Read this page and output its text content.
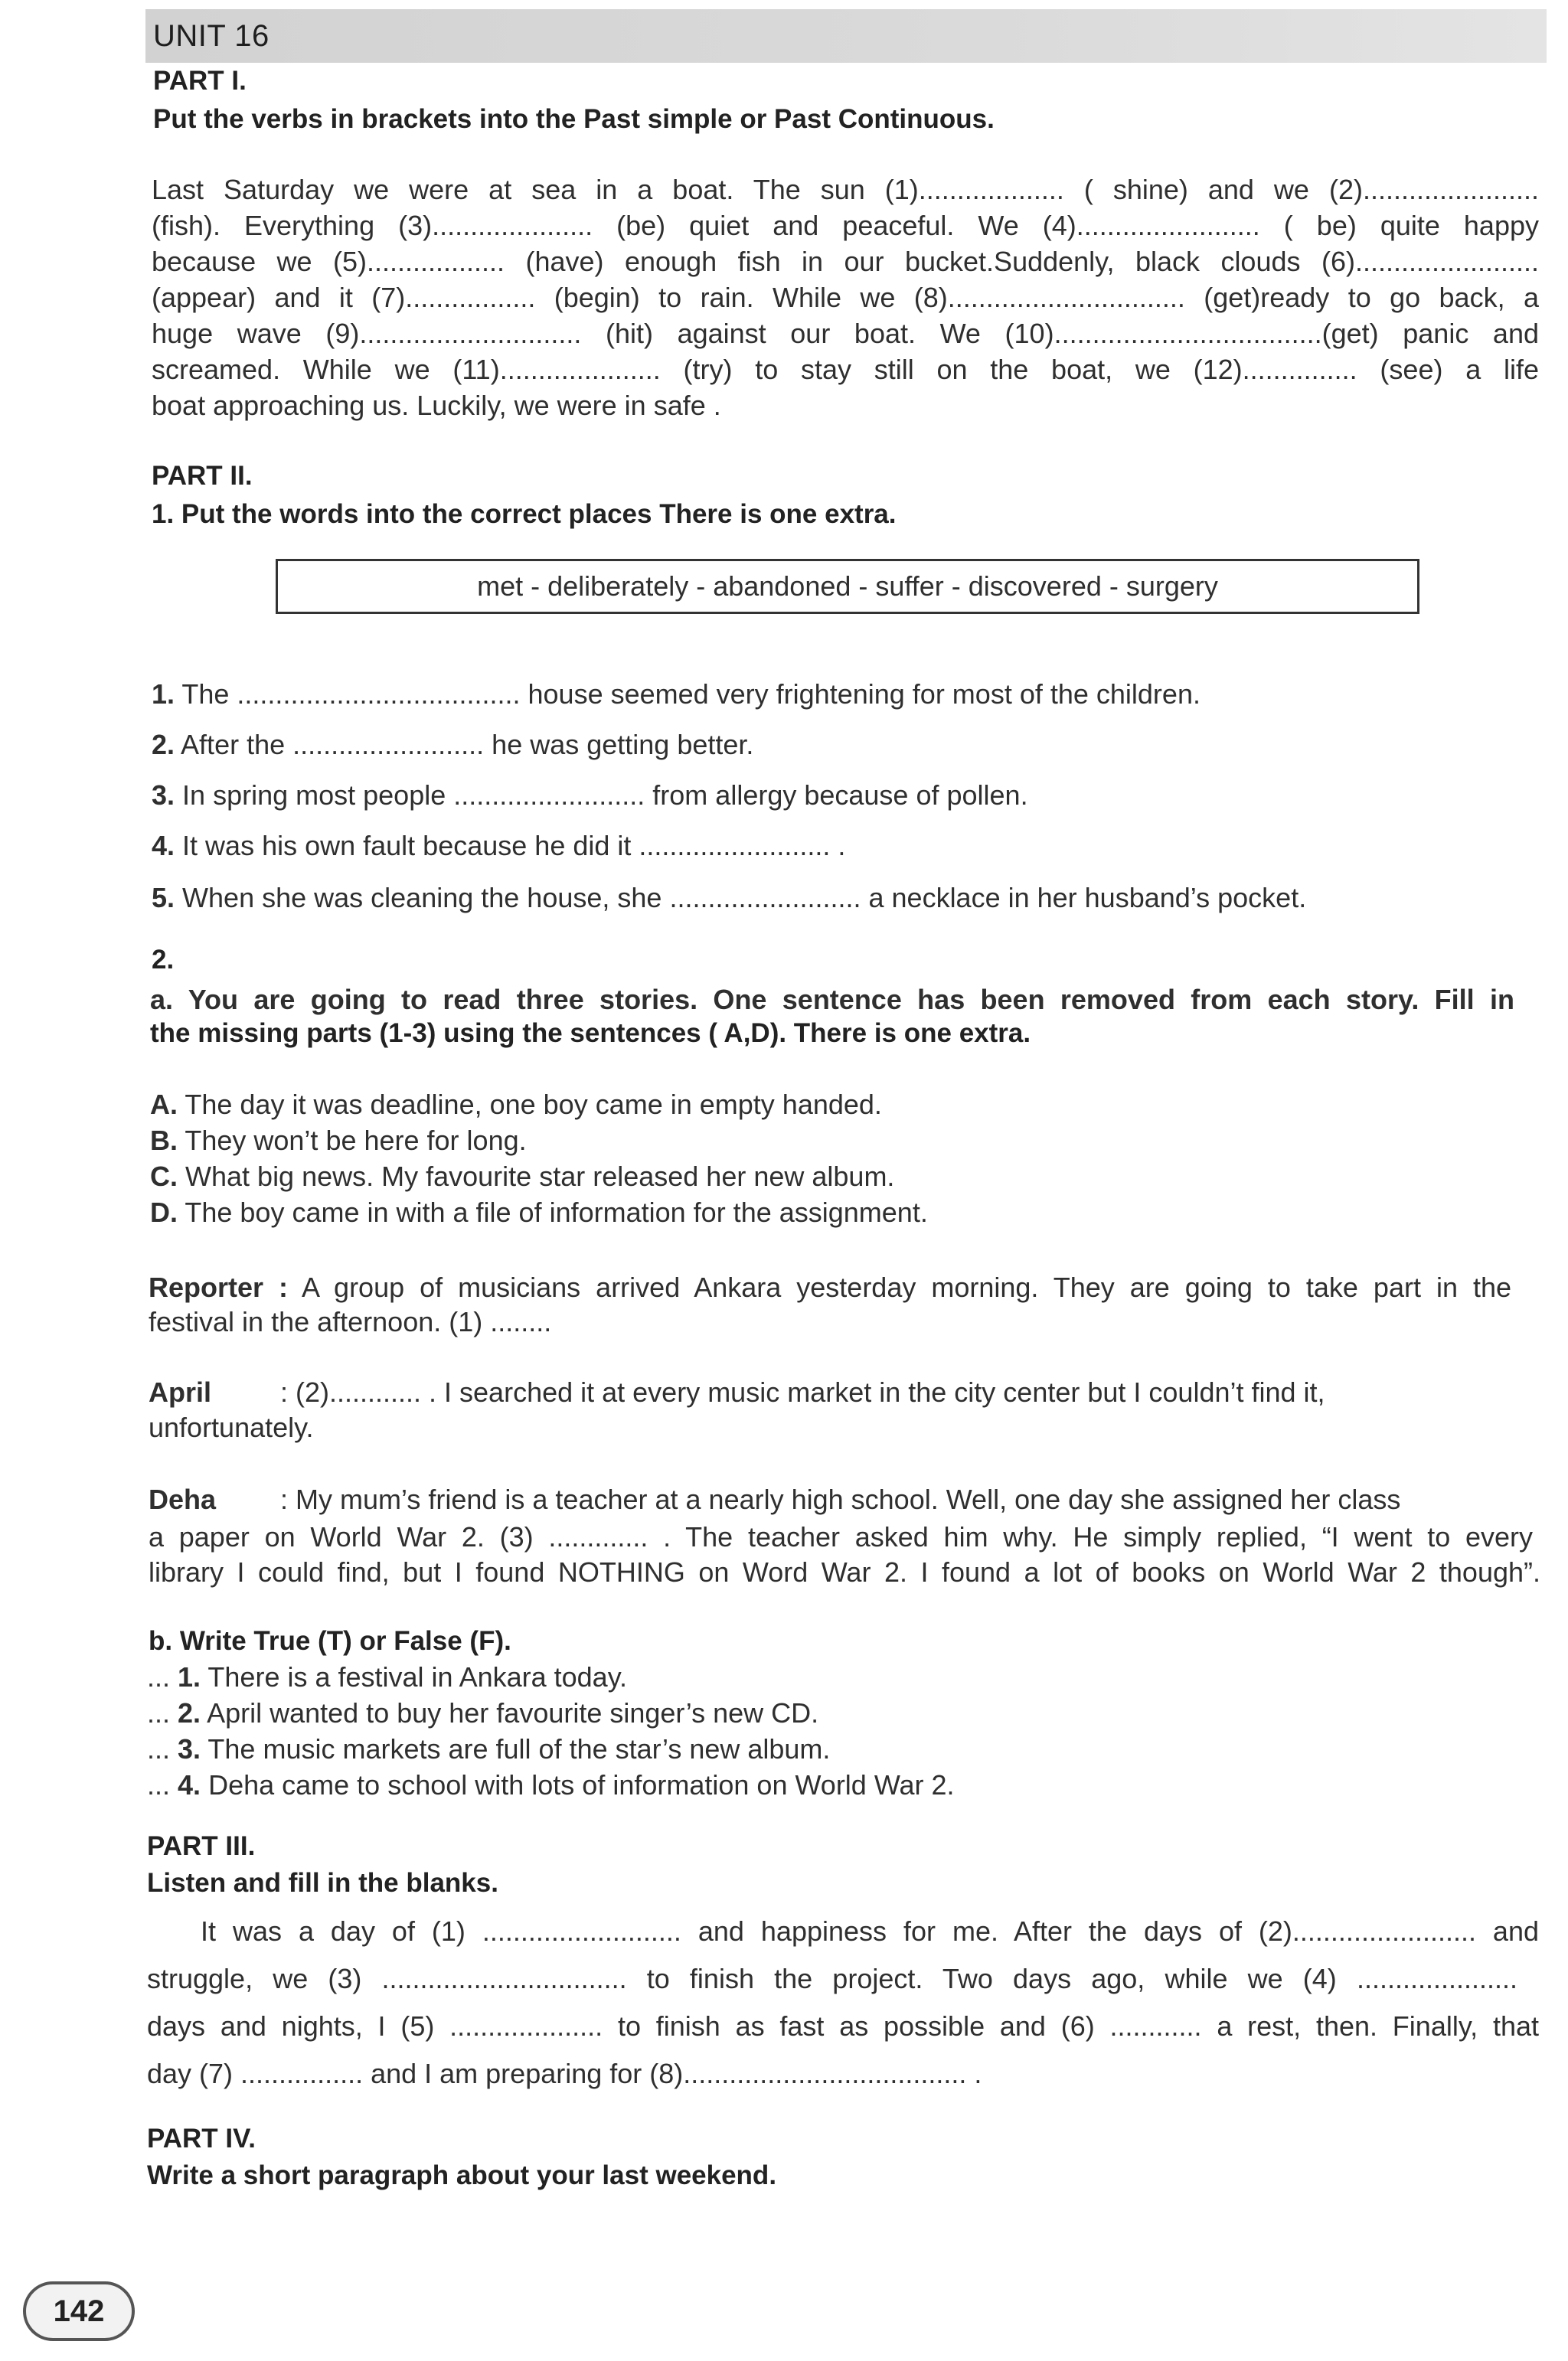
UNIT 16
PART I.
Put the verbs in brackets into the Past simple or Past Continuous.
Last Saturday we were at sea in a boat. The sun (1)................... ( shine) and we (2).......................
(fish). Everything (3)..................... (be) quiet and peaceful. We (4)........................ ( be) quite happy
because we (5).................. (have) enough fish in our bucket.Suddenly, black clouds (6)........................
(appear) and it (7)................. (begin) to rain. While we (8)............................... (get)ready to go back, a
huge wave (9)............................. (hit) against our boat. We (10)...................................(get) panic and
screamed. While we (11)..................... (try) to stay still on the boat, we (12)............... (see) a life
boat approaching us. Luckily, we were in safe .
PART II.
1. Put the words into the correct places There is one extra.
met - deliberately - abandoned - suffer - discovered - surgery
1. The ..................................... house seemed very frightening for most of the children.
2. After the ......................... he was getting better.
3. In spring most people ......................... from allergy because of pollen.
4. It was his own fault because he did it ......................... .
5. When she was cleaning the house, she ......................... a necklace in her husband’s pocket.
2.
a. You are going to read three stories. One sentence has been removed from each story. Fill in
the missing parts (1-3) using the sentences ( A,D). There is one extra.
A. The day it was deadline, one boy came in empty handed.
B. They won’t be here for long.
C. What big news. My favourite star released her new album.
D. The boy came in with a file of information for the assignment.
Reporter : A group of musicians arrived Ankara yesterday morning. They are going to take part in the
festival in the afternoon. (1) ........
April : (2)............ . I searched it at every music market in the city center but I couldn’t find it,
unfortunately.
Deha : My mum’s friend is a teacher at a nearly high school. Well, one day she assigned her class
a paper on World War 2. (3) ............. . The teacher asked him why. He simply replied, “I went to every
library I could find, but I found NOTHING on Word War 2. I found a lot of books on World War 2 though”.
b. Write True (T) or False (F).
... 1. There is a festival in Ankara today.
... 2. April wanted to buy her favourite singer’s new CD.
... 3. The music markets are full of the star’s new album.
... 4. Deha came to school with lots of information on World War 2.
PART III.
Listen and fill in the blanks.
It was a day of (1) .......................... and happiness for me. After the days of (2)........................ and
struggle, we (3) ................................ to finish the project. Two days ago, while we (4) .....................
days and nights, I (5) .................... to finish as fast as possible and (6) ............ a rest, then. Finally, that
day (7) ................ and I am preparing for (8)..................................... .
PART IV.
Write a short paragraph about your last weekend.
142
